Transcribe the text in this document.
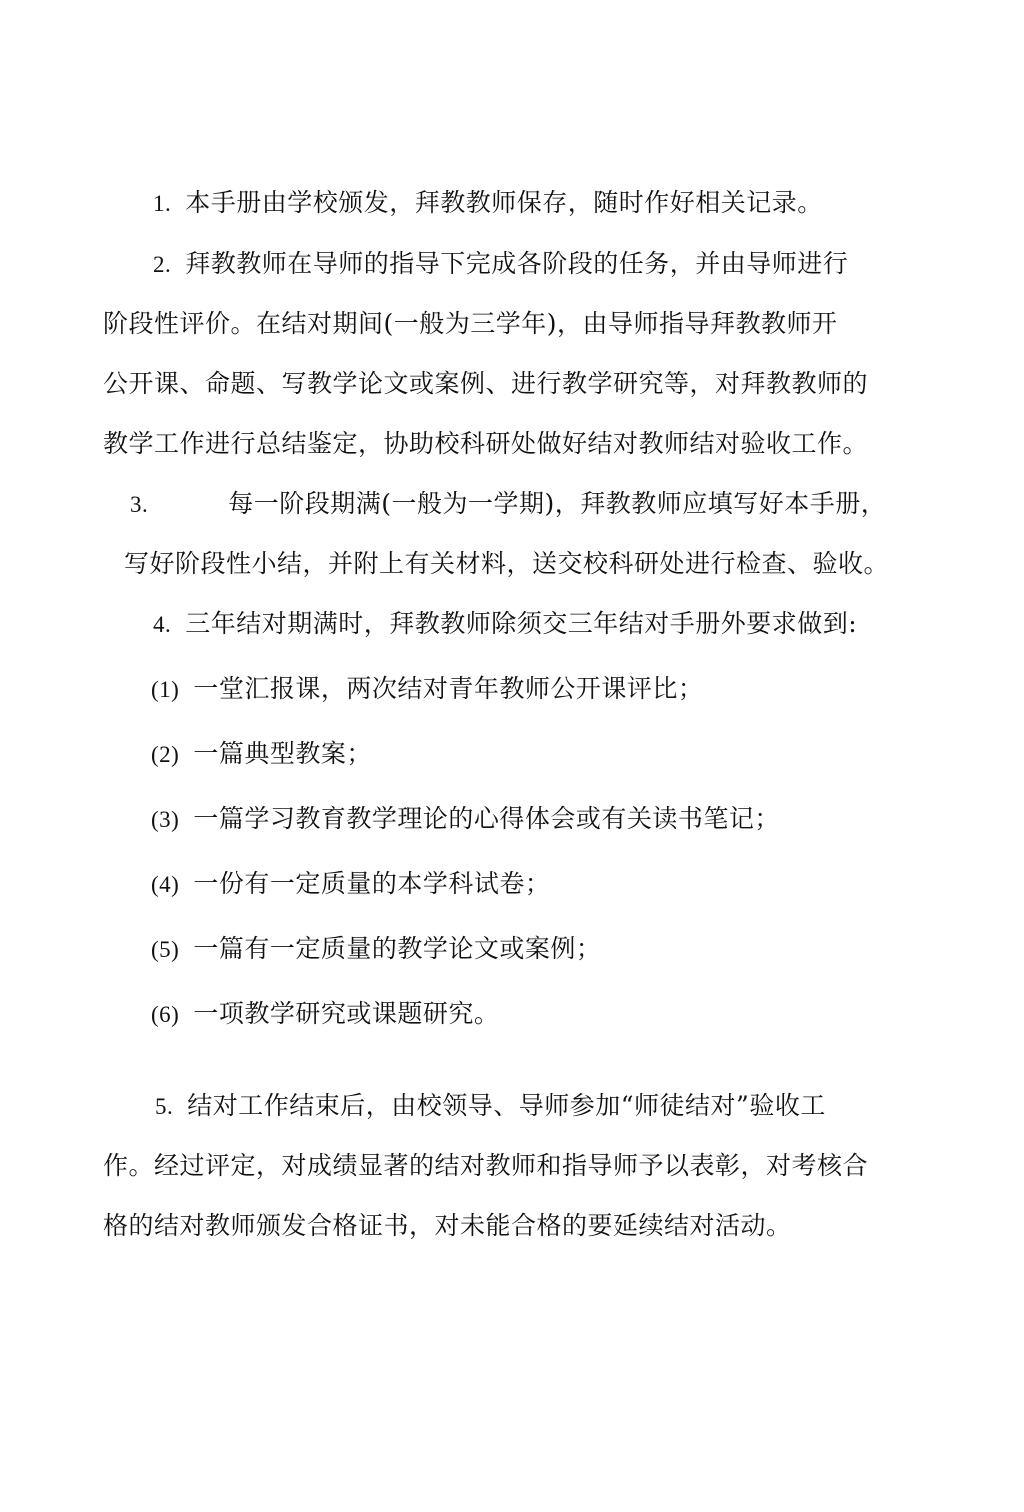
1. 本手册由学校颁发，拜教教师保存，随时作好相关记录。
2. 拜教教师在导师的指导下完成各阶段的任务，并由导师进行
阶段性评价。在结对期间(一般为三学年)，由导师指导拜教教师开
公开课、命题、写教学论文或案例、进行教学研究等，对拜教教师的
教学工作进行总结鉴定，协助校科研处做好结对教师结对验收工作。
3.	每一阶段期满(一般为一学期)，拜教教师应填写好本手册，
写好阶段性小结，并附上有关材料，送交校科研处进行检查、验收。
4. 三年结对期满时，拜教教师除须交三年结对手册外要求做到:
(1) 一堂汇报课，两次结对青年教师公开课评比；
(2) 一篇典型教案；
(3) 一篇学习教育教学理论的心得体会或有关读书笔记；
(4) 一份有一定质量的本学科试卷；
(5) 一篇有一定质量的教学论文或案例；
(6) 一项教学研究或课题研究。
5. 结对工作结束后，由校领导、导师参加“师徒结对”验收工
作。经过评定，对成绩显著的结对教师和指导师予以表彰，对考核合
格的结对教师颁发合格证书，对未能合格的要延续结对活动。
